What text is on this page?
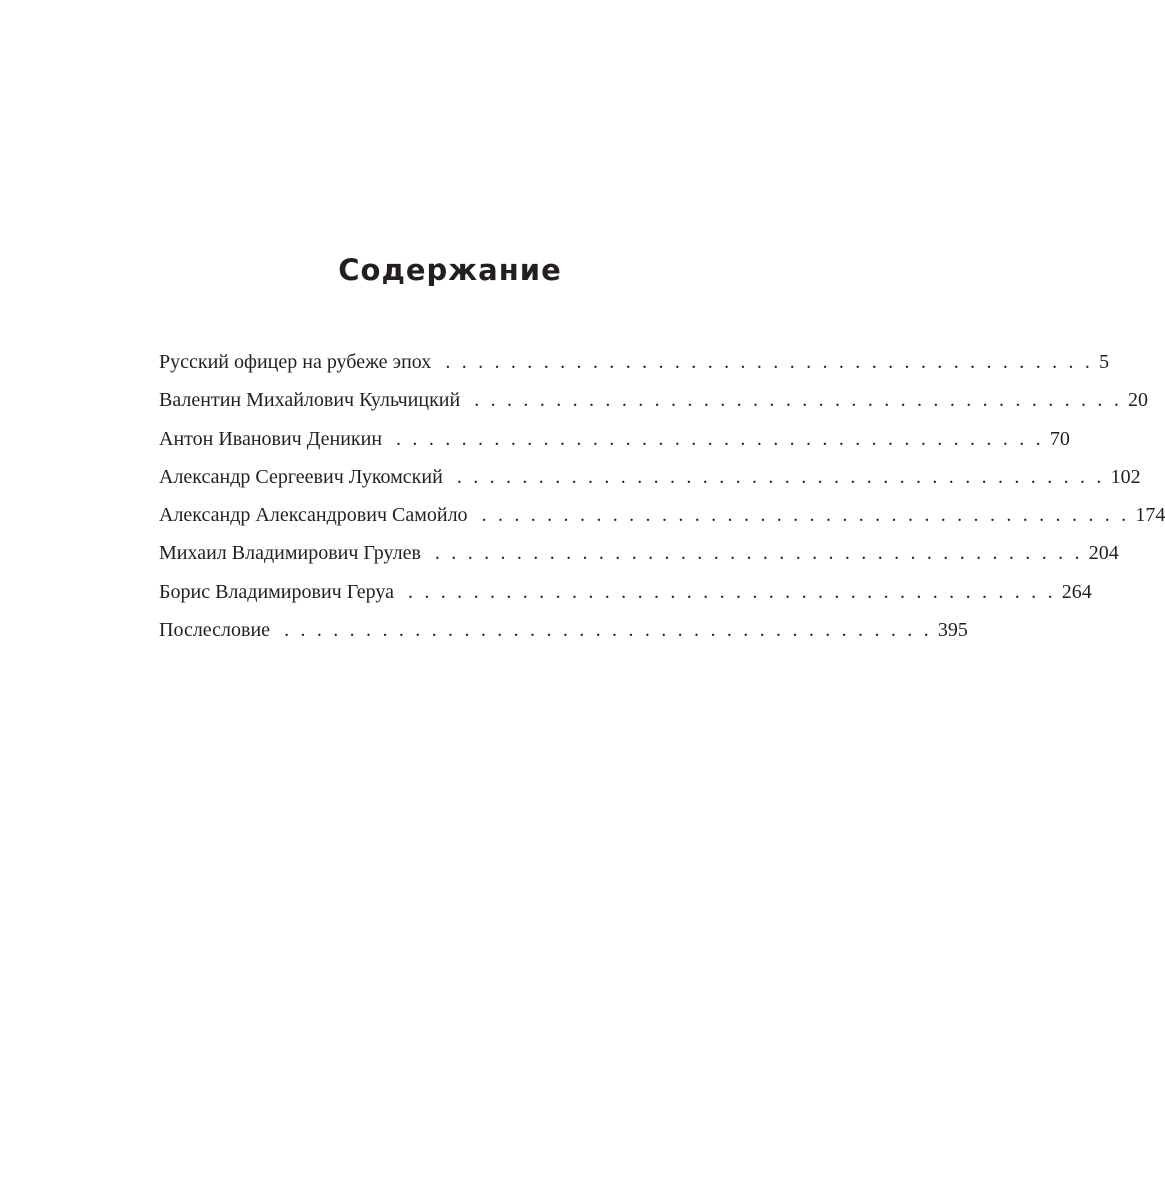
Содержание
Русский офицер на рубеже эпох . . . . . . . . . . . . . . . . . . . . . . . . . . . . . . . . . . . . . . . . 5
Валентин Михайлович Кульчицкий . . . . . . . . . . . . . . . . . . . . . . . . . . . . . . . . . . . . . . . . 20
Антон Иванович Деникин . . . . . . . . . . . . . . . . . . . . . . . . . . . . . . . . . . . . . . . . 70
Александр Сергеевич Лукомский . . . . . . . . . . . . . . . . . . . . . . . . . . . . . . . . . . . . . . . . 102
Александр Александрович Самойло . . . . . . . . . . . . . . . . . . . . . . . . . . . . . . . . . . . . . . . . 174
Михаил Владимирович Грулев . . . . . . . . . . . . . . . . . . . . . . . . . . . . . . . . . . . . . . . . 204
Борис Владимирович Геруа . . . . . . . . . . . . . . . . . . . . . . . . . . . . . . . . . . . . . . . . 264
Послесловие . . . . . . . . . . . . . . . . . . . . . . . . . . . . . . . . . . . . . . . . 395
